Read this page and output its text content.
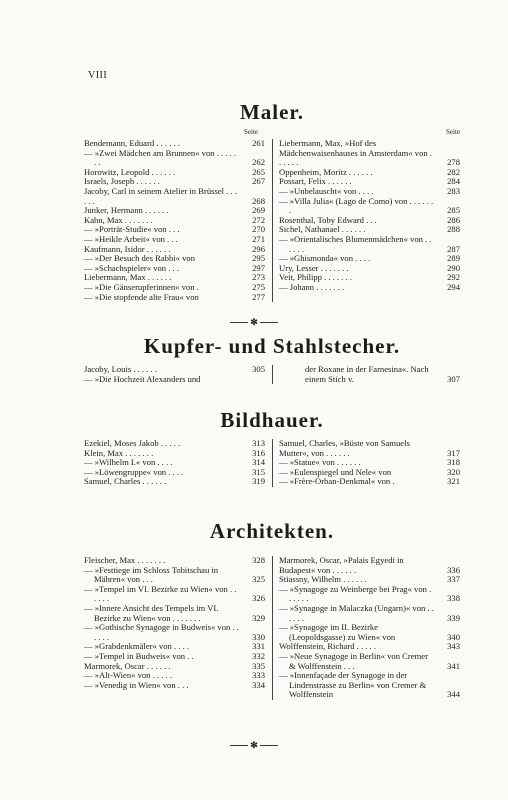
VIII
Maler.
Seite	Seite
Bendemann, Eduard . . . . . .	261
— »Zwei Mädchen am Brunnen« von . . . . . . .	262
Horowitz, Leopold . . . . . .	265
Israels, Joseph . . . . . .	267
Jacoby, Carl in seinem Atelier in Brüssel . . . . . .	268
Junker, Hermann . . . . . .	269
Kahn, Max . . . . . . .	272
— »Porträt-Studie« von . . .	270
— »Heikle Arbeit« von . . .	271
Kaufmann, Isidor . . . . . .	296
— »Der Besuch des Rabbi« von	295
— »Schachspieler« von . . .	297
Liebermann, Max . . . . . .	273
— »Die Gänserupferinnen« von .	275
— »Die stopfende alte Frau« von	277
Liebermann, Max, »Hof des Mädchenwaisenhauses in Amsterdam« von . . . . . .	278
Oppenheim, Moritz . . . . . .	282
Possart, Felix . . . . . .	284
— »Unbelauscht« von . . . .	283
— »Villa Julia« (Lago de Como) von . . . . . . .	285
Rosenthal, Toby Edward . . .	286
Sichel, Nathanael . . . . . .	288
— »Orientalisches Blumenmädchen« von . . . . . .	287
— »Ghismonda« von . . . .	289
Ury, Lesser . . . . . . .	290
Veit, Philipp . . . . . . .	292
— Johann . . . . . . .	294
✻
Kupfer- und Stahlstecher.
Jacoby, Louis . . . . . .	305
— »Die Hochzeit Alexanders und
der Roxane in der Farnesina«. Nach einem Stich v.	307
Bildhauer.
Ezekiel, Moses Jakob . . . . .	313
Klein, Max . . . . . . .	316
— »Wilhelm I.« von . . . .	314
— »Löwengruppe« von . . . .	315
Samuel, Charles . . . . . .	319
Samuel, Charles, »Büste von Samuels Mutter«, von . . . . . .	317
— »Statue« von . . . . . .	318
— »Eulenspiegel und Nele« von	320
— »Frère-Orban-Denkmal« von .	321
Architekten.
Fleischer, Max . . . . . . .	328
— »Festtiege im Schloss Tobitschau in Mähren« von . . .	325
— »Tempel im VI. Bezirke zu Wien« von . . . . . .	326
— »Innere Ansicht des Tempels im VI. Bezirke zu Wien« von . . . . . . .	329
— »Gothische Synagoge in Budweis« von . . . . . .	330
— »Grabdenkmäler« von . . . .	331
— »Tempel in Budweis« von . .	332
Marmorek, Oscar . . . . . .	335
— »Alt-Wien« von . . . . .	333
— »Venedig in Wien« von . . .	334
Marmorek, Oscar, »Palais Egyedi in Budapest« von . . . . . .	336
Stiassny, Wilhelm . . . . . .	337
— »Synagoge zu Weinberge bei Prag« von . . . . . .	338
— »Synagoge in Malaczka (Ungarn)« von . . . . . .	339
— »Synagoge im II. Bezirke (Leopoldsgasse) zu Wien« von	340
Wolffenstein, Richard . . . . .	343
— »Neue Synagoge in Berlin« von Cremer & Wolffenstein . . .	341
— »Innenfaçade der Synagoge in der Lindenstrasse zu Berlin« von Cremer & Wolffenstein	344
✻
